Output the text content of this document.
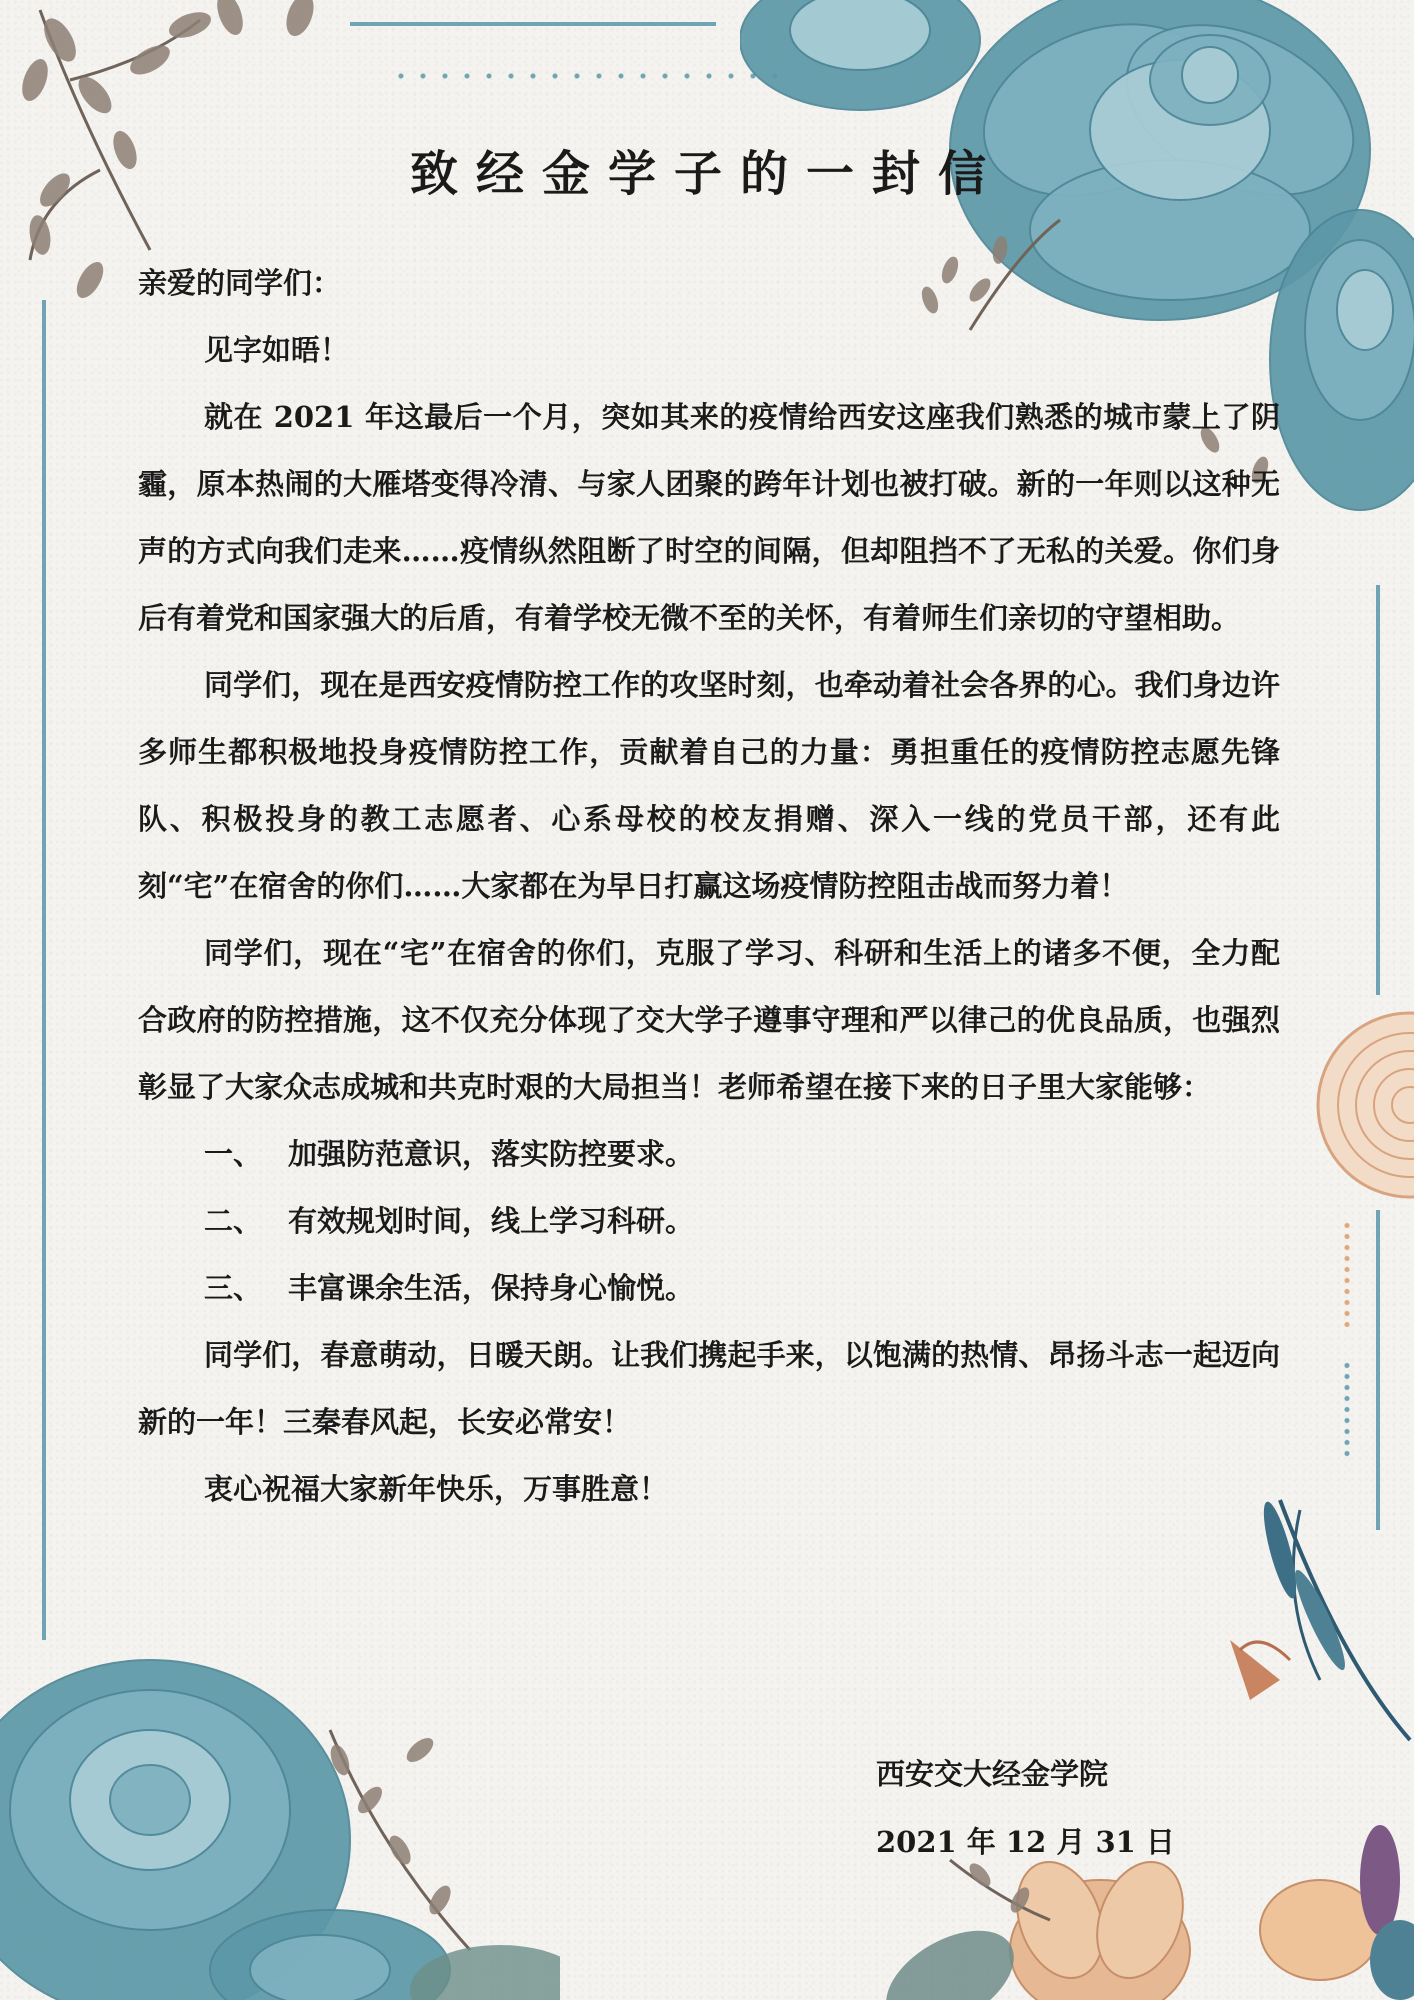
致经金学子的一封信

亲爱的同学们：

见字如晤！

就在 2021 年这最后一个月，突如其来的疫情给西安这座我们熟悉的城市蒙上了阴霾，原本热闹的大雁塔变得冷清、与家人团聚的跨年计划也被打破。新的一年则以这种无声的方式向我们走来……疫情纵然阻断了时空的间隔，但却阻挡不了无私的关爱。你们身后有着党和国家强大的后盾，有着学校无微不至的关怀，有着师生们亲切的守望相助。

同学们，现在是西安疫情防控工作的攻坚时刻，也牵动着社会各界的心。我们身边许多师生都积极地投身疫情防控工作，贡献着自己的力量：勇担重任的疫情防控志愿先锋队、积极投身的教工志愿者、心系母校的校友捐赠、深入一线的党员干部，还有此刻“宅”在宿舍的你们……大家都在为早日打赢这场疫情防控阻击战而努力着！

同学们，现在“宅”在宿舍的你们，克服了学习、科研和生活上的诸多不便，全力配合政府的防控措施，这不仅充分体现了交大学子遵事守理和严以律己的优良品质，也强烈彰显了大家众志成城和共克时艰的大局担当！老师希望在接下来的日子里大家能够：

一、 加强防范意识，落实防控要求。

二、 有效规划时间，线上学习科研。

三、 丰富课余生活，保持身心愉悦。

同学们，春意萌动，日暖天朗。让我们携起手来，以饱满的热情、昂扬斗志一起迈向新的一年！三秦春风起，长安必常安！

衷心祝福大家新年快乐，万事胜意！

西安交大经金学院
2021 年 12 月 31 日
